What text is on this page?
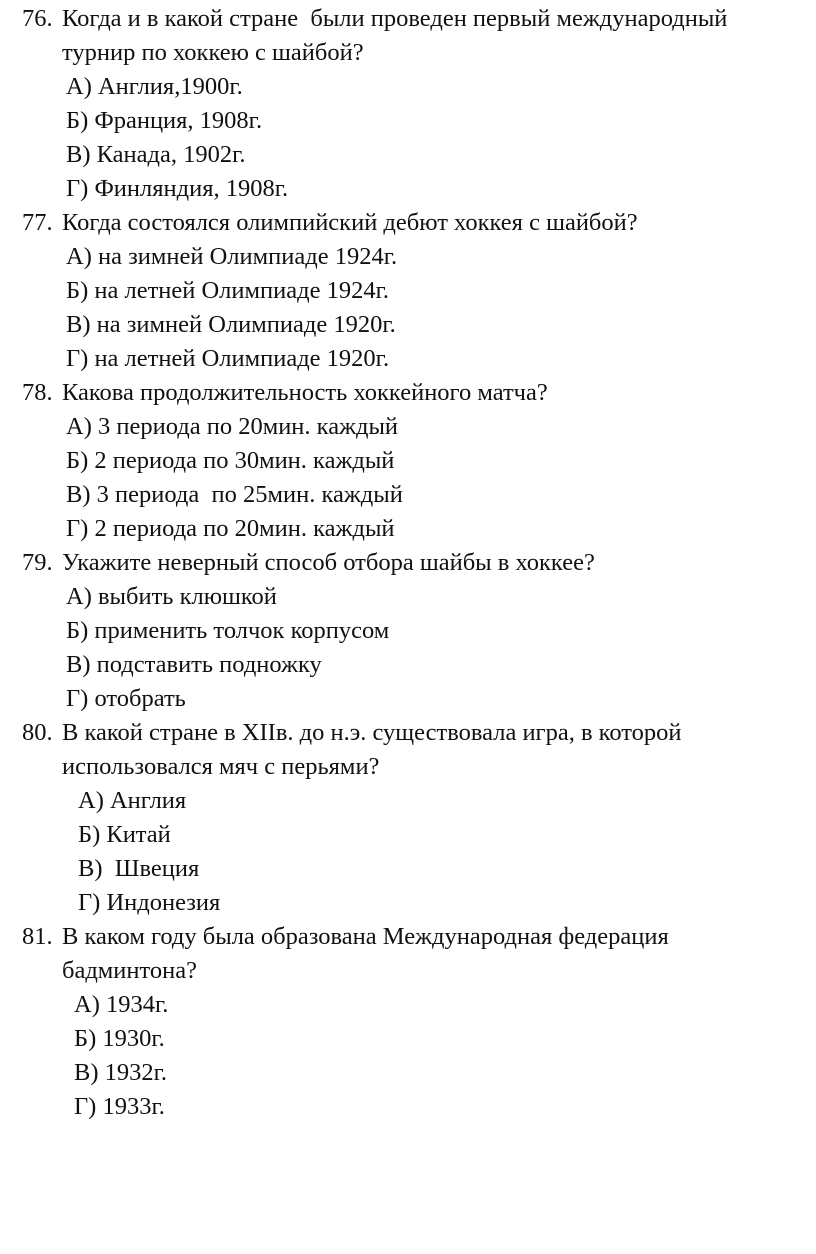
76. Когда и в какой стране  были проведен первый международный
турнир по хоккею с шайбой?
А) Англия,1900г.
Б) Франция, 1908г.
В) Канада, 1902г.
Г) Финляндия, 1908г.
77. Когда состоялся олимпийский дебют хоккея с шайбой?
А) на зимней Олимпиаде 1924г.
Б) на летней Олимпиаде 1924г.
В) на зимней Олимпиаде 1920г.
Г) на летней Олимпиаде 1920г.
78. Какова продолжительность хоккейного матча?
А) 3 периода по 20мин. каждый
Б) 2 периода по 30мин. каждый
В) 3 периода  по 25мин. каждый
Г) 2 периода по 20мин. каждый
79. Укажите неверный способ отбора шайбы в хоккее?
А) выбить клюшкой
Б) применить толчок корпусом
В) подставить подножку
Г) отобрать
80. В какой стране в XIIв. до н.э. существовала игра, в которой
использовался мяч с перьями?
А) Англия
Б) Китай
В)  Швеция
Г) Индонезия
81. В каком году была образована Международная федерация
бадминтона?
А) 1934г.
Б) 1930г.
В) 1932г.
Г) 1933г.
